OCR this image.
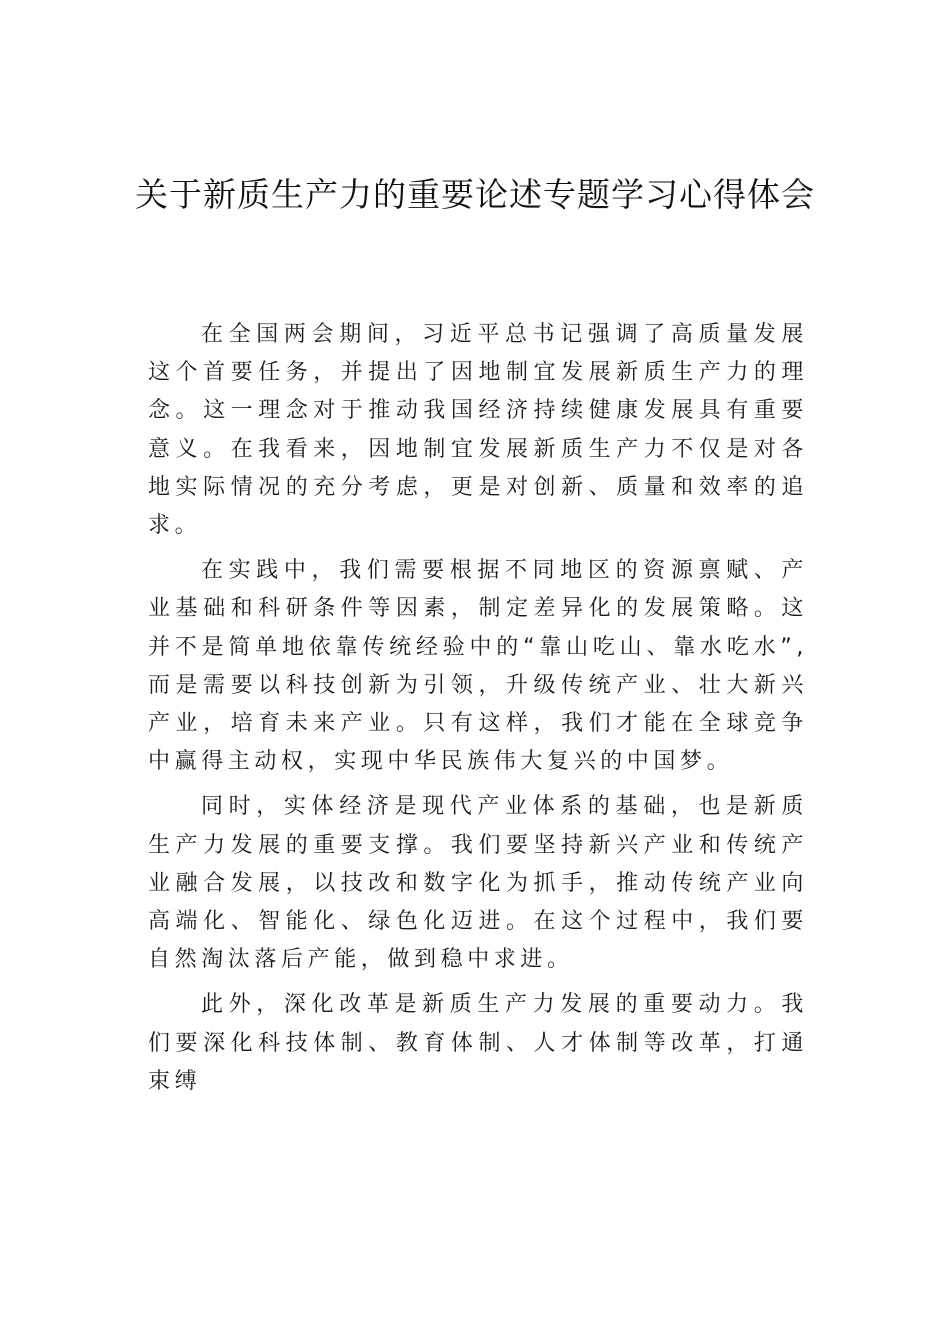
关于新质生产力的重要论述专题学习心得体会

在全国两会期间，习近平总书记强调了高质量发展这个首要任务，并提出了因地制宜发展新质生产力的理念。这一理念对于推动我国经济持续健康发展具有重要意义。在我看来，因地制宜发展新质生产力不仅是对各地实际情况的充分考虑，更是对创新、质量和效率的追求。

在实践中，我们需要根据不同地区的资源禀赋、产业基础和科研条件等因素，制定差异化的发展策略。这并不是简单地依靠传统经验中的“靠山吃山、靠水吃水”,而是需要以科技创新为引领，升级传统产业、壮大新兴产业，培育未来产业。只有这样，我们才能在全球竞争中赢得主动权，实现中华民族伟大复兴的中国梦。

同时，实体经济是现代产业体系的基础，也是新质生产力发展的重要支撑。我们要坚持新兴产业和传统产业融合发展，以技改和数字化为抓手，推动传统产业向高端化、智能化、绿色化迈进。在这个过程中，我们要自然淘汰落后产能，做到稳中求进。

此外，深化改革是新质生产力发展的重要动力。我们要深化科技体制、教育体制、人才体制等改革，打通束缚
